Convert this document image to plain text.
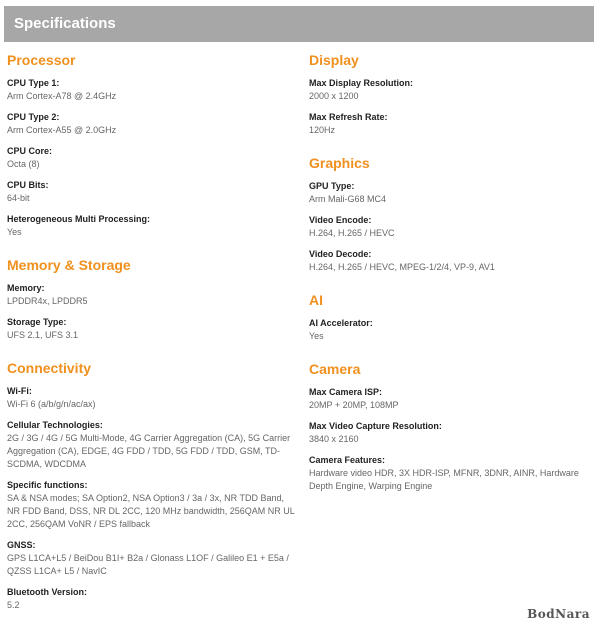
Specifications
Processor
CPU Type 1:
Arm Cortex-A78 @ 2.4GHz
CPU Type 2:
Arm Cortex-A55 @ 2.0GHz
CPU Core:
Octa (8)
CPU Bits:
64-bit
Heterogeneous Multi Processing:
Yes
Memory & Storage
Memory:
LPDDR4x, LPDDR5
Storage Type:
UFS 2.1, UFS 3.1
Connectivity
Wi-Fi:
Wi-Fi 6 (a/b/g/n/ac/ax)
Cellular Technologies:
2G / 3G / 4G / 5G Multi-Mode, 4G Carrier Aggregation (CA), 5G Carrier Aggregation (CA), EDGE, 4G FDD / TDD, 5G FDD / TDD, GSM, TD-SCDMA, WDCDMA
Specific functions:
SA & NSA modes; SA Option2, NSA Option3 / 3a / 3x, NR TDD Band, NR FDD Band, DSS, NR DL 2CC, 120 MHz bandwidth, 256QAM NR UL 2CC, 256QAM VoNR / EPS fallback
GNSS:
GPS L1CA+L5 / BeiDou B1I+ B2a / Glonass L1OF / Galileo E1 + E5a / QZSS L1CA+ L5 / NavIC
Bluetooth Version:
5.2
Display
Max Display Resolution:
2000 x 1200
Max Refresh Rate:
120Hz
Graphics
GPU Type:
Arm Mali-G68 MC4
Video Encode:
H.264, H.265 / HEVC
Video Decode:
H.264, H.265 / HEVC, MPEG-1/2/4, VP-9, AV1
AI
AI Accelerator:
Yes
Camera
Max Camera ISP:
20MP + 20MP, 108MP
Max Video Capture Resolution:
3840 x 2160
Camera Features:
Hardware video HDR, 3X HDR-ISP, MFNR, 3DNR, AINR, Hardware Depth Engine, Warping Engine
BodNara
